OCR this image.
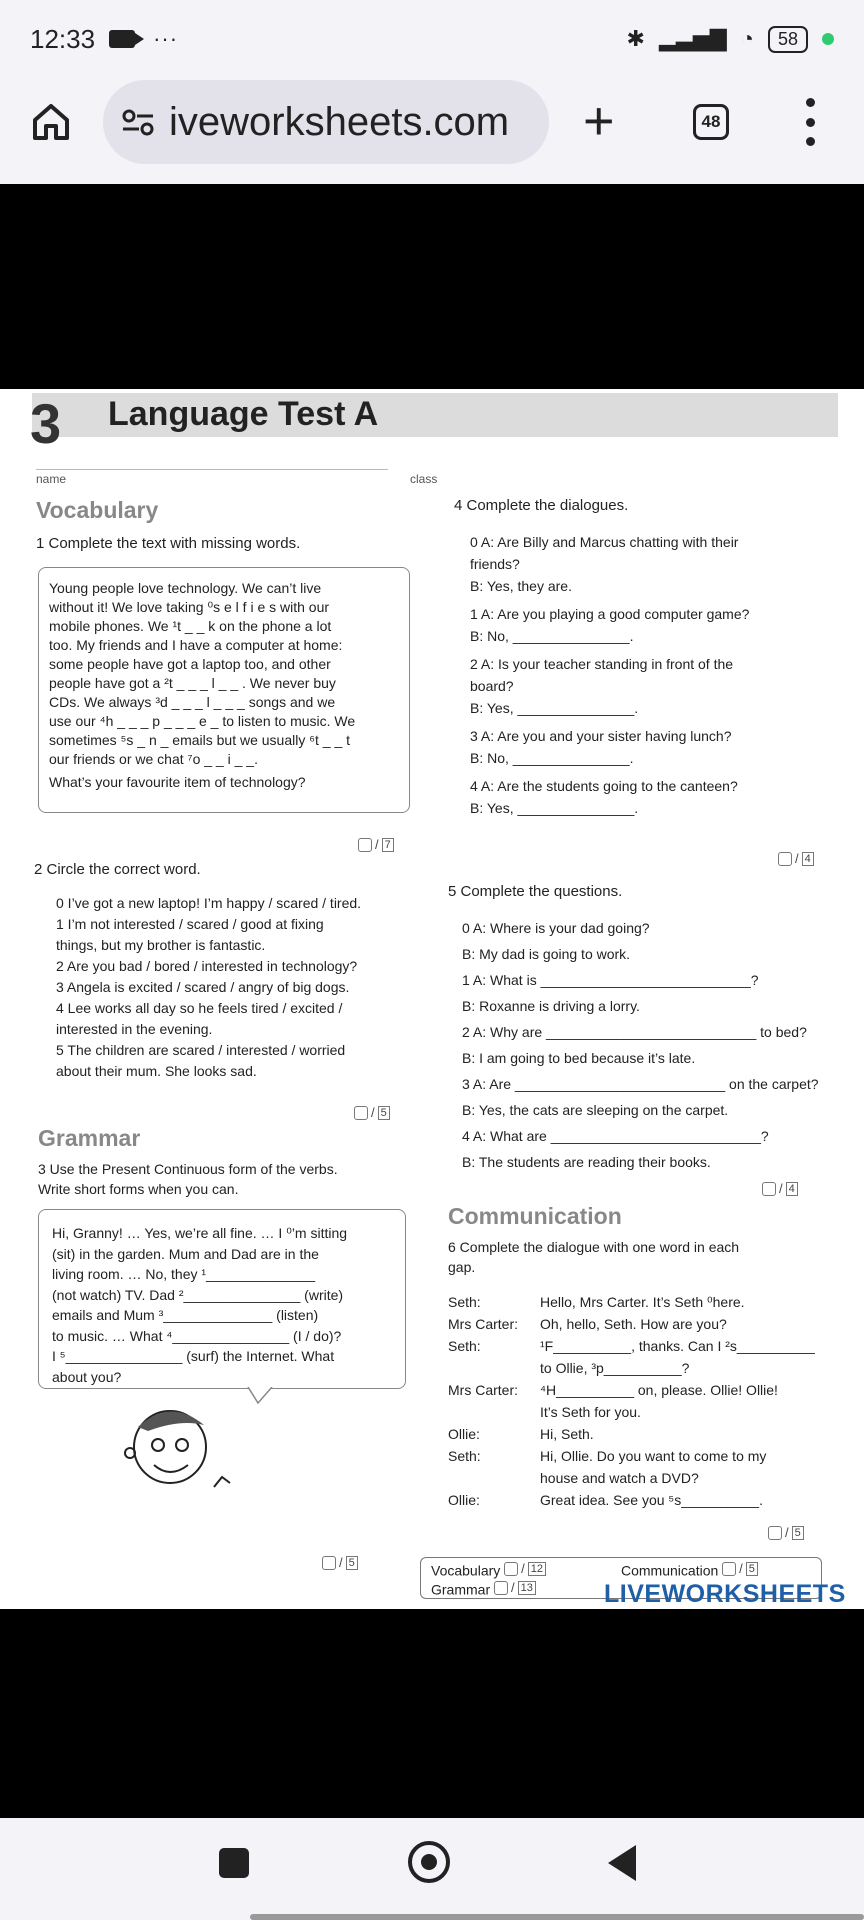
12:33	···	✱ ▂▃▅▇ ◔	58
iveworksheets.com +	48
3 Language Test A
name	class
Vocabulary
1 Complete the text with missing words.
Young people love technology. We can’t live
without it! We love taking ⁰s e l f i e s with our
mobile phones. We ¹t _ _ k on the phone a lot
too. My friends and I have a computer at home:
some people have got a laptop too, and other
people have got a ²t _ _ _ l _ _ . We never buy
CDs. We always ³d _ _ _ l _ _ _ songs and we
use our ⁴h _ _ _ p _ _ _ e _ to listen to music. We
sometimes ⁵s _ n _ emails but we usually ⁶t _ _ t
our friends or we chat ⁷o _ _ i _ _.
What’s your favourite item of technology?
/ 7
2 Circle the correct word.
0 I’ve got a new laptop! I’m happy / scared / tired.
1 I’m not interested / scared / good at fixing
things, but my brother is fantastic.
2 Are you bad / bored / interested in technology?
3 Angela is excited / scared / angry of big dogs.
4 Lee works all day so he feels tired / excited /
interested in the evening.
5 The children are scared / interested / worried
about their mum. She looks sad.
/ 5
Grammar
3 Use the Present Continuous form of the verbs.
Write short forms when you can.
Hi, Granny! … Yes, we’re all fine. … I ⁰’m sitting
(sit) in the garden. Mum and Dad are in the
living room. … No, they ¹______________
(not watch) TV. Dad ²_______________ (write)
emails and Mum ³______________ (listen)
to music. … What ⁴_______________ (I / do)?
I ⁵_______________ (surf) the Internet. What
about you?
/ 5
4 Complete the dialogues.
0 A: Are Billy and Marcus chatting with their
friends?
B: Yes, they are.
1 A: Are you playing a good computer game?
B: No, _______________.
2 A: Is your teacher standing in front of the
board?
B: Yes, _______________.
3 A: Are you and your sister having lunch?
B: No, _______________.
4 A: Are the students going to the canteen?
B: Yes, _______________.
/ 4
5 Complete the questions.
0 A: Where is your dad going?
B: My dad is going to work.
1 A: What is ___________________________?
B: Roxanne is driving a lorry.
2 A: Why are ___________________________ to bed?
B: I am going to bed because it’s late.
3 A: Are ___________________________ on the carpet?
B: Yes, the cats are sleeping on the carpet.
4 A: What are ___________________________?
B: The students are reading their books.
/ 4
Communication
6 Complete the dialogue with one word in each
gap.
Seth:	Hello, Mrs Carter. It’s Seth ⁰here.
Mrs Carter: Oh, hello, Seth. How are you?
Seth:	¹F__________, thanks. Can I ²s__________
to Ollie, ³p__________?
Mrs Carter: ⁴H__________ on, please. Ollie! Ollie!
It’s Seth for you.
Ollie:	Hi, Seth.
Seth:	Hi, Ollie. Do you want to come to my
house and watch a DVD?
Ollie:	Great idea. See you ⁵s__________.
/ 5
Vocabulary / 12	Communication / 5
Grammar / 13	LIVEWORKSHEETS
